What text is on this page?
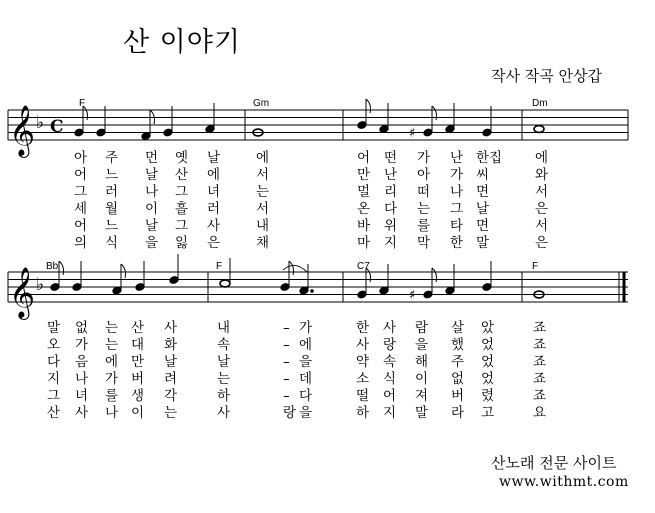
산 이야기
작사 작곡 안상갑
𝄞 ♭ C	♯
F	Gm	Dm
아 주 먼 옛 날	에	어 떤 가 난 한집 에
어 느 날 산 에	서	만 난 아 가 씨	와
그 러 나 그 녀	는	멀 리 떠 나 면	서
세 월 이 흘 러	서	온 다 는 그 날	은
어 느 날 그 사	내	바 위 를 타 면	서
의 식 을 잃 은	채	마 지 막 한 말	은
𝄞 ♭
♯
Bb	F	C7	F
말 없 는 산 사	내	– 가	한 사 람 살 았	죠
오 가 는 대 화	속	– 에	사 랑 을 했 었	죠
다 음 에 만 날	날	– 을	약 속 해 주 었	죠
지 나 가 버 려	는	– 데	소 식 이 없 었	죠
그 녀 를 생 각	하	– 다	떨 어 져 버 렸	죠
산 사 나 이 는	사	랑 을	하 지 말 라 고	요
산노래 전문 사이트
www.withmt.com
